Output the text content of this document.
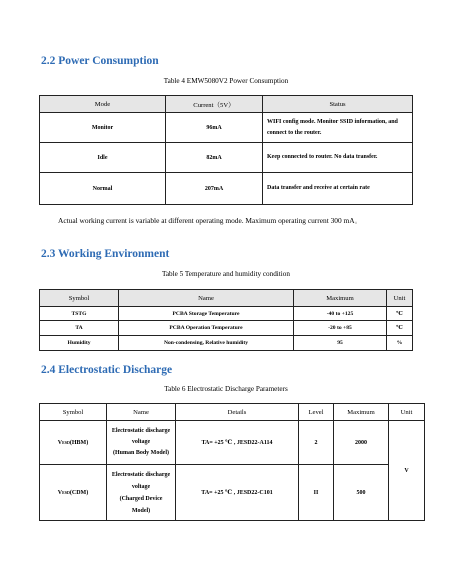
2.2 Power Consumption
Table 4 EMW5080V2 Power Consumption
Mode	Current（5V）	Status
Monitor	96mA	WIFI config mode. Monitor SSID information, and connect to the router.
Idle	82mA	Keep connected to router. No data transfer.
Normal	207mA	Data transfer and receive at certain rate
Actual working current is variable at different operating mode. Maximum operating current 300 mA。
2.3 Working Environment
Table 5 Temperature and humidity condition
Symbol	Name	Maximum	Unit
TSTG	PCBA Storage Temperature	-40 to +125	℃
TA	PCBA Operation Temperature	-20 to +85	℃
Humidity	Non-condensing, Relative humidity	95	%
2.4 Electrostatic Discharge
Table 6 Electrostatic Discharge Parameters
Symbol	Name	Details	Level	Maximum	Unit
VESD(HBM)	Electrostatic discharge
voltage
(Human Body Model)	TA= +25 ℃ , JESD22-A114	2	2000	V
VESD(CDM)	Electrostatic discharge
voltage
(Charged Device
Model)	TA= +25 ℃ , JESD22-C101	II	500	
